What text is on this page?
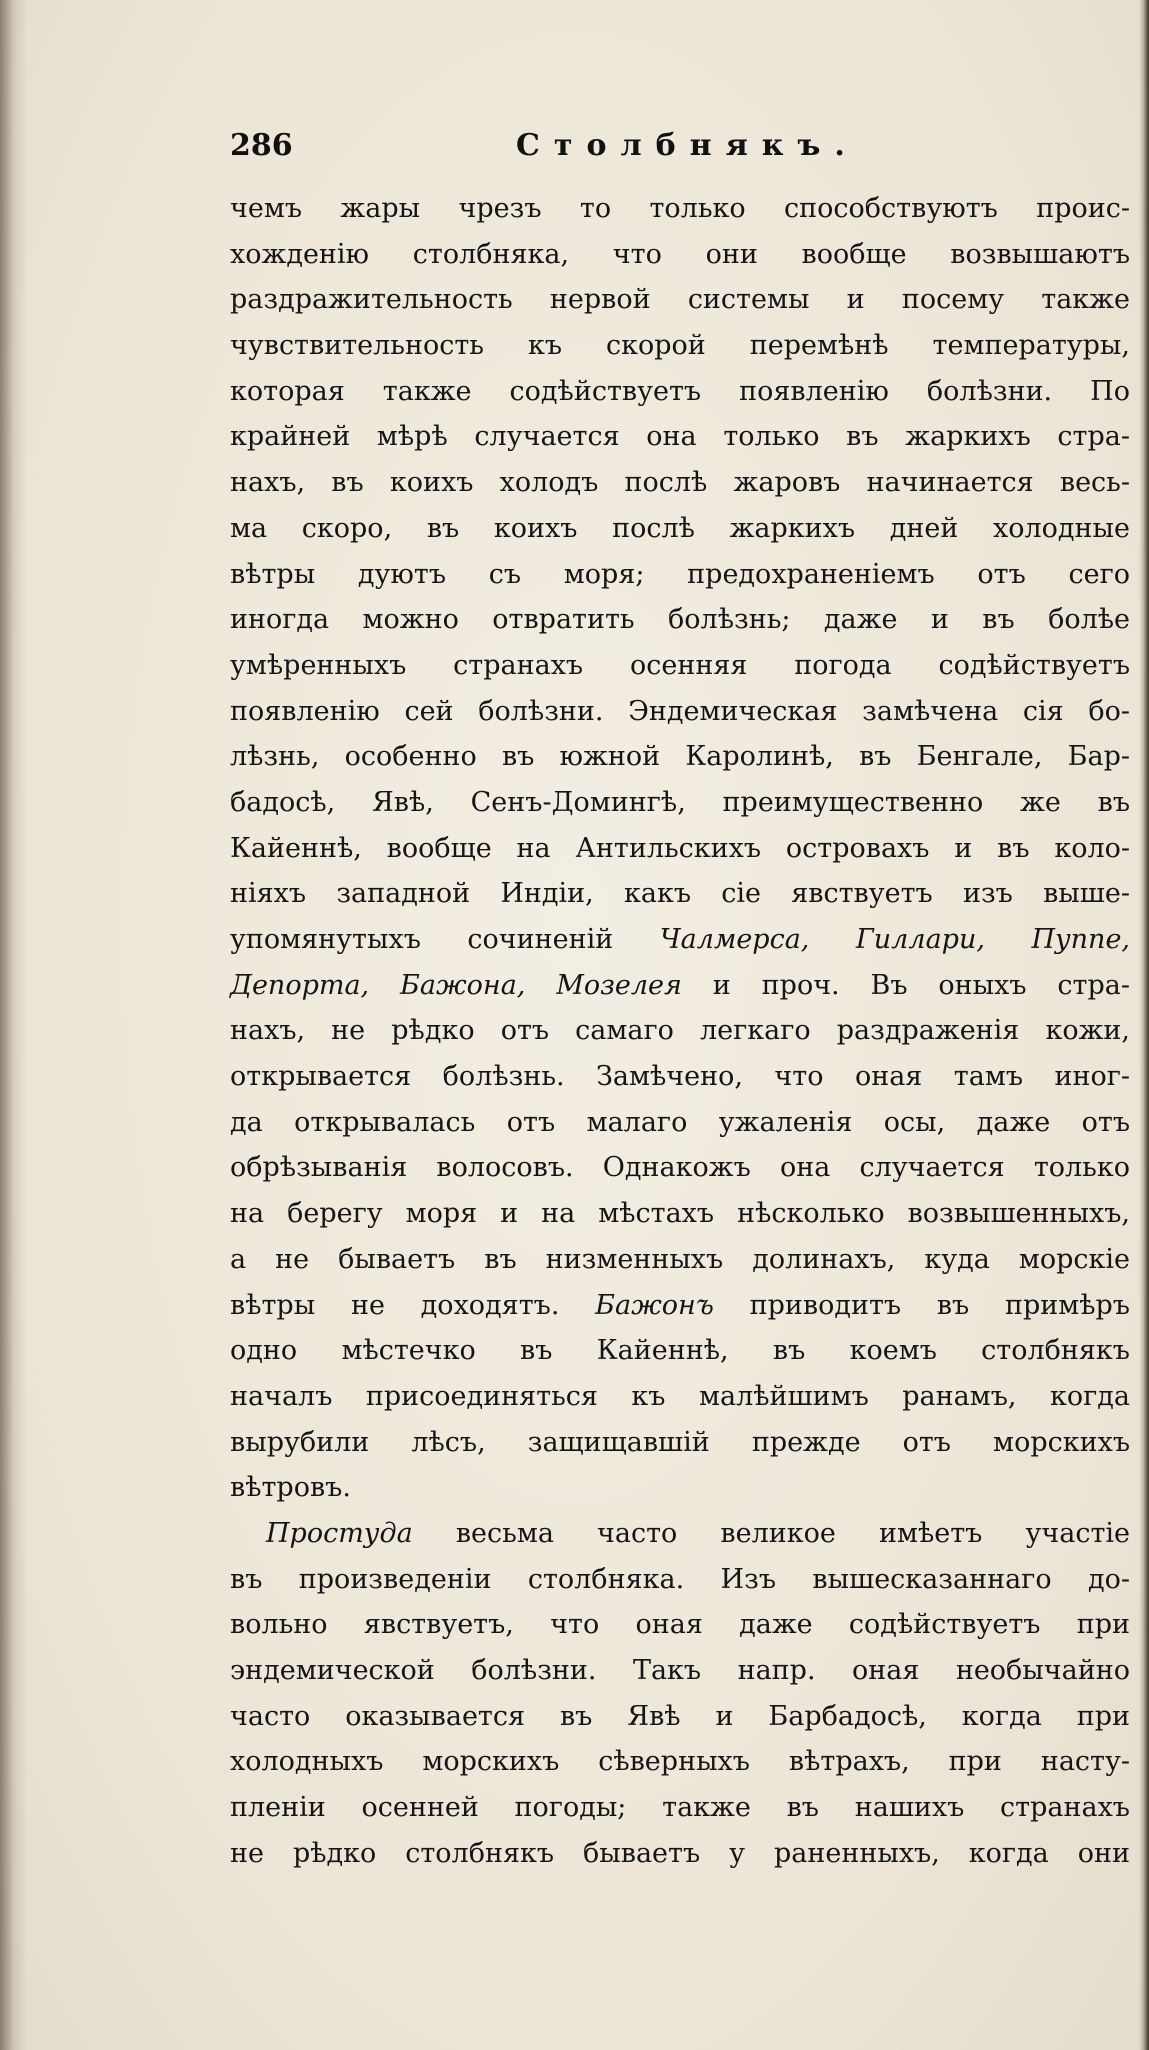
286	Столбнякъ.
чемъ жары чрезъ то только способствуютъ проис-
хожденію столбняка, что они вообще возвышаютъ
раздражительность нервой системы и посему также
чувствительность къ скорой перемѣнѣ температуры,
которая также содѣйствуетъ появленію болѣзни. По
крайней мѣрѣ случается она только въ жаркихъ стра-
нахъ, въ коихъ холодъ послѣ жаровъ начинается весь-
ма скоро, въ коихъ послѣ жаркихъ дней холодные
вѣтры дуютъ съ моря; предохраненіемъ отъ сего
иногда можно отвратить болѣзнь; даже и въ болѣе
умѣренныхъ странахъ осенняя погода содѣйствуетъ
появленію сей болѣзни. Эндемическая замѣчена сія бо-
лѣзнь, особенно въ южной Каролинѣ, въ Бенгале, Бар-
бадосѣ, Явѣ, Сенъ-Домингѣ, преимущественно же въ
Кайеннѣ, вообще на Антильскихъ островахъ и въ коло-
ніяхъ западной Индіи, какъ сіе явствуетъ изъ выше-
упомянутыхъ сочиненій Чалмерса, Гиллари, Пуппе,
Депорта, Бажона, Мозелея и проч. Въ оныхъ стра-
нахъ, не рѣдко отъ самаго легкаго раздраженія кожи,
открывается болѣзнь. Замѣчено, что оная тамъ иног-
да открывалась отъ малаго ужаленія осы, даже отъ
обрѣзыванія волосовъ. Однакожъ она случается только
на берегу моря и на мѣстахъ нѣсколько возвышенныхъ,
а не бываетъ въ низменныхъ долинахъ, куда морскіе
вѣтры не доходятъ. Бажонъ приводитъ въ примѣръ
одно мѣстечко въ Кайеннѣ, въ коемъ столбнякъ
началъ присоединяться къ малѣйшимъ ранамъ, когда
вырубили лѣсъ, защищавшій прежде отъ морскихъ
вѣтровъ.
Простуда весьма часто великое имѣетъ участіе
въ произведеніи столбняка. Изъ вышесказаннаго до-
вольно явствуетъ, что оная даже содѣйствуетъ при
эндемической болѣзни. Такъ напр. оная необычайно
часто оказывается въ Явѣ и Барбадосѣ, когда при
холодныхъ морскихъ сѣверныхъ вѣтрахъ, при насту-
пленіи осенней погоды; также въ нашихъ странахъ
не рѣдко столбнякъ бываетъ у раненныхъ, когда они
